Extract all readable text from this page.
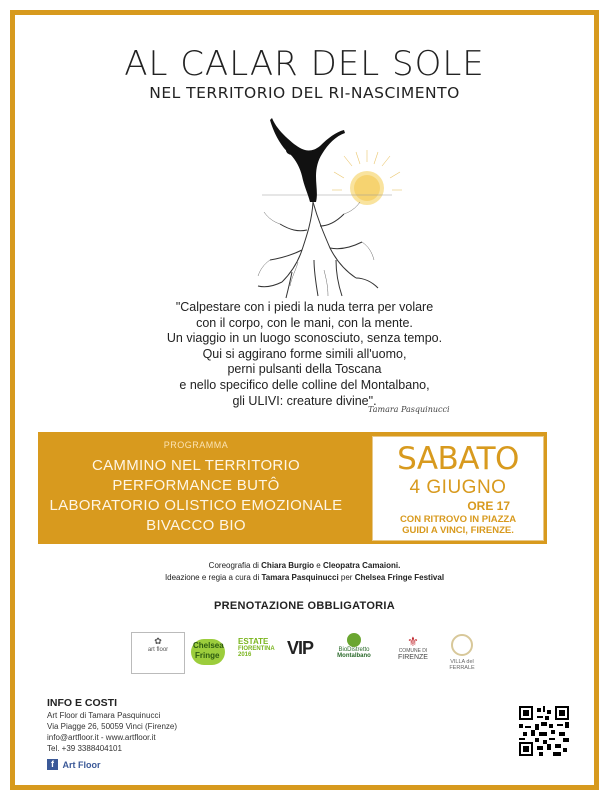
AL CALAR DEL SOLE
NEL TERRITORIO DEL RI-NASCIMENTO
"Calpestare con i piedi la nuda terra per volare
con il corpo, con le mani, con la mente.
Un viaggio in un luogo sconosciuto, senza tempo.
Qui si aggirano forme simili all'uomo,
perni pulsanti della Toscana
e nello specifico delle colline del Montalbano,
gli ULIVI: creature divine".
Tamara Pasquinucci
PROGRAMMA
CAMMINO NEL TERRITORIO
PERFORMANCE BUTÔ
LABORATORIO OLISTICO EMOZIONALE
BIVACCO BIO
SABATO
4 GIUGNO
ORE 17
CON RITROVO IN PIAZZA
GUIDI A VINCI, FIRENZE.
Coreografia di Chiara Burgio e Cleopatra Camaioni.
Ideazione e regia a cura di Tamara Pasquinucci per Chelsea Fringe Festival
PRENOTAZIONE OBBLIGATORIA
✿
art floor	Chelsea
Fringe
ESTATE
FIORENTINA
2016	VIP	BioDistretto
Montalbano
⚜
COMUNE DI
FIRENZE
VILLA del FERRALE
INFO E COSTI
Art Floor di Tamara Pasquinucci
Via Piagge 26, 50059 Vinci (Firenze)
info@artfloor.it - www.artfloor.it
Tel. +39 3388404101
f Art Floor
